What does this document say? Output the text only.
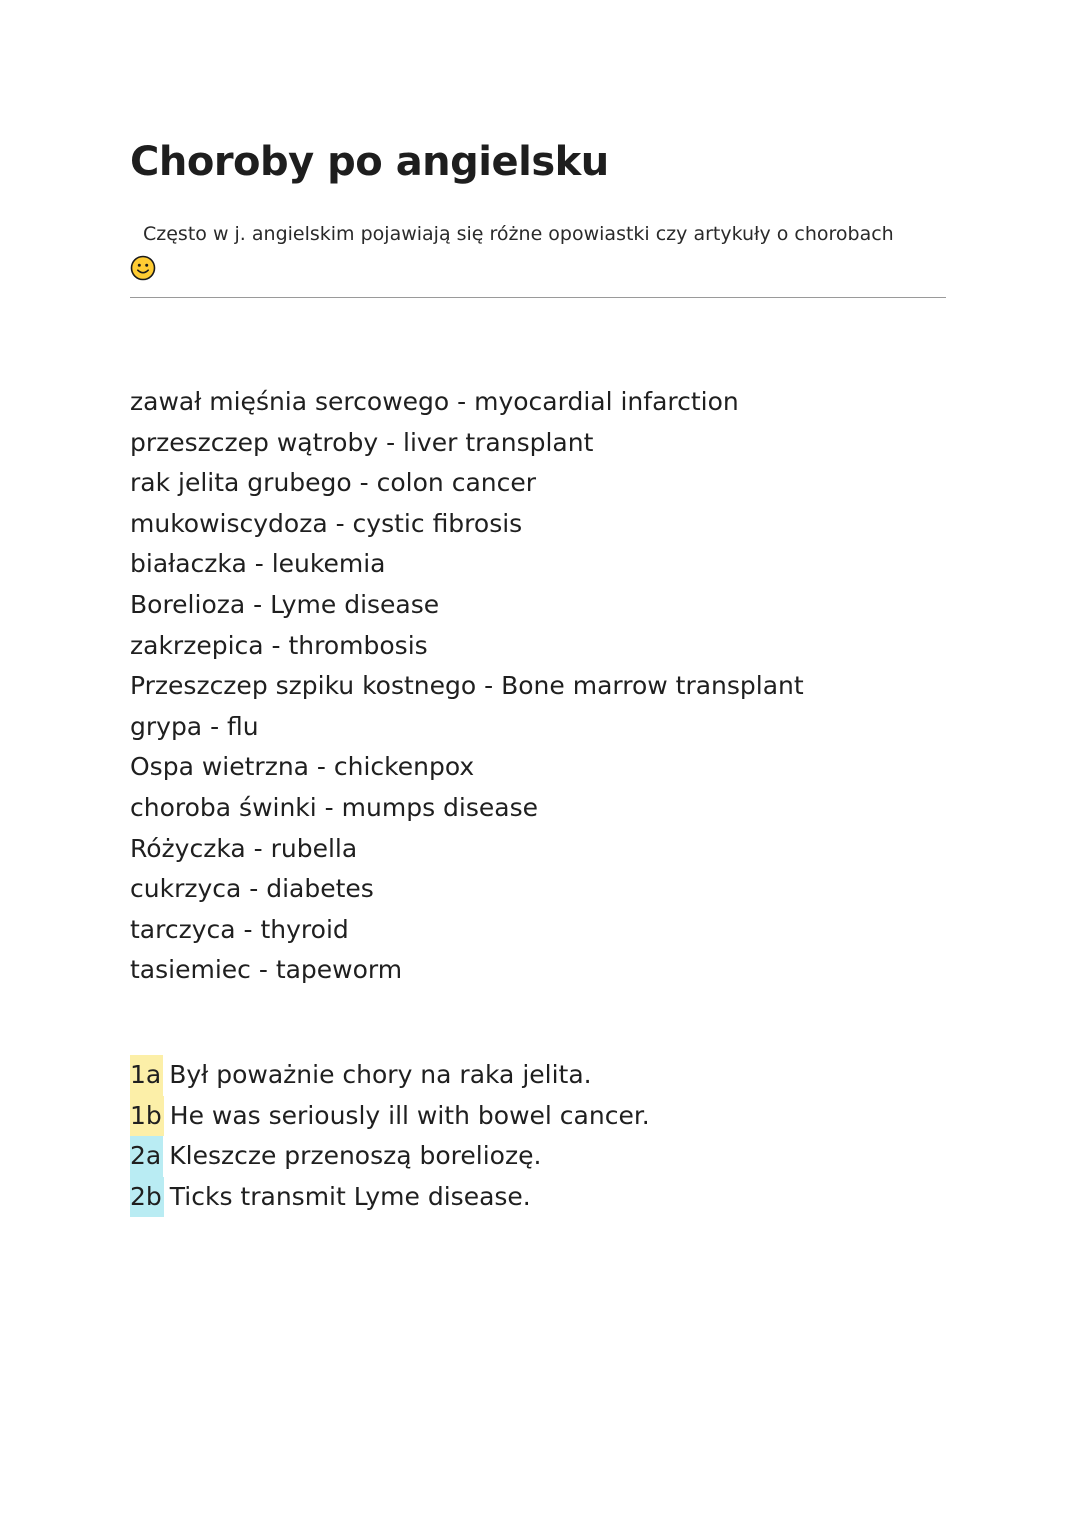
Choroby po angielsku
Często w j. angielskim pojawiają się różne opowiastki czy artykuły o chorobach
zawał mięśnia sercowego - myocardial infarction
przeszczep wątroby - liver transplant
rak jelita grubego - colon cancer
mukowiscydoza - cystic fibrosis
białaczka - leukemia
Borelioza - Lyme disease
zakrzepica - thrombosis
Przeszczep szpiku kostnego - Bone marrow transplant
grypa - flu
Ospa wietrzna - chickenpox
choroba świnki - mumps disease
Różyczka - rubella
cukrzyca - diabetes
tarczyca - thyroid
tasiemiec - tapeworm
1a Był poważnie chory na raka jelita.
1b He was seriously ill with bowel cancer.
2a Kleszcze przenoszą boreliozę.
2b Ticks transmit Lyme disease.
